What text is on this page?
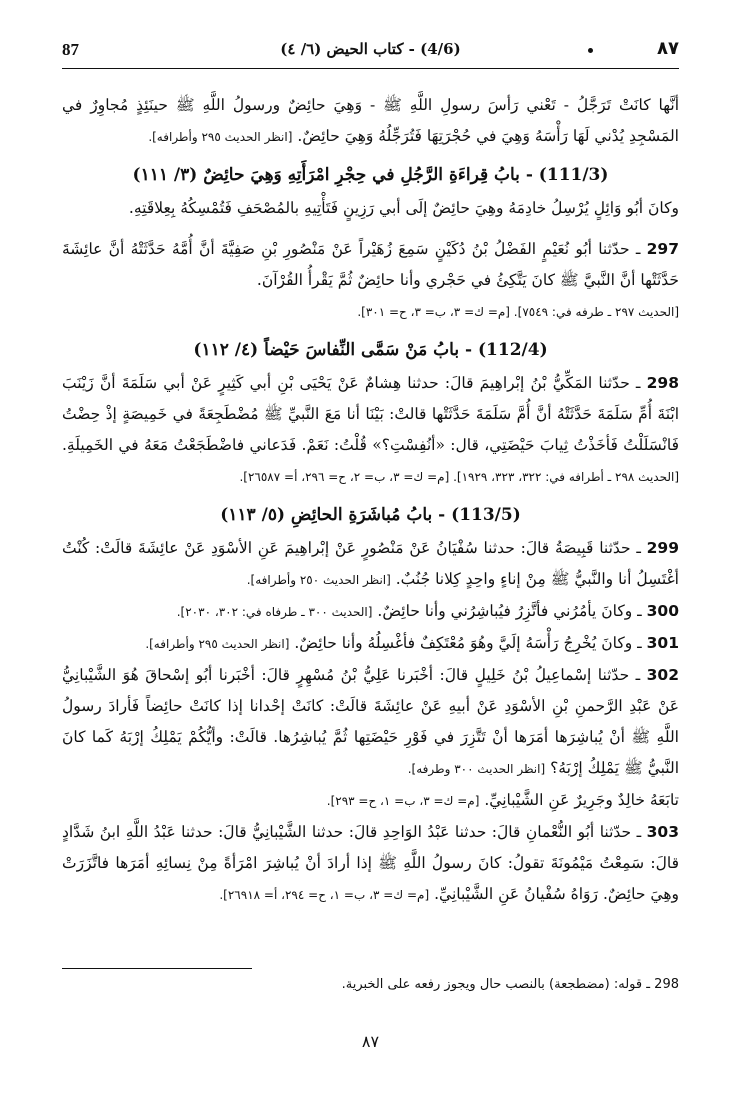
87	(4/6) - كتاب الحيض (٦/ ٤)	٨٧

أنَّها كانَتْ تَرَجَّلُ - تَعْني رَأسَ رسولِ اللَّهِ ﷺ - وَهِيَ حائِضٌ ورسولُ اللَّهِ ﷺ حينَئِذٍ مُجاوِرٌ في المَسْجِدِ يُدْني لَهَا رَأْسَهُ وَهِيَ في حُجْرَتِهَا فَتُرَجِّلُهُ وَهِيَ حائِضٌ. [انظر الحديث ٢٩٥ وأطرافه].

(111/3) - بابُ قِراءَةِ الرَّجُلِ في حِجْرِ امْرَأَتِهِ وَهِيَ حائِضٌ (٣/ ١١١)

وكانَ أبُو وَائِلٍ يُرْسِلُ خادِمَهُ وهِيَ حائِضٌ إلَى أبي رَزِينٍ فَتَأْتِيهِ بالمُصْحَفِ فَتُمْسِكُهُ بِعِلاقَتِهِ.

297 ـ حدّثنا أبُو نُعَيْمٍ الفَضْلُ بْنُ دُكَيْنٍ سَمِعَ زُهَيْراً عَنْ مَنْصُورِ بْنِ صَفِيَّةَ أنَّ أُمَّهُ حَدَّثَتْهُ أنَّ عائِشَةَ حَدَّثَتْها أنَّ النَّبيَّ ﷺ كانَ يَتَّكِئُ في حَجْري وأنا حائِضٌ ثُمَّ يَقْرأُ القُرْآنَ.
[الحديث ٢٩٧ ـ طرفه في: ٧٥٤٩]. [م= ك= ٣، ب= ٣، ح= ٣٠١].

(112/4) - بابُ مَنْ سَمَّى النِّفاسَ حَيْضاً (٤/ ١١٢)

298 ـ حدّثنا المَكِّيُّ بْنُ إبْراهِيمَ قالَ: حدثنا هِشامٌ عَنْ يَحْيَى بْنِ أبي كَثِيرٍ عَنْ أبي سَلَمَةَ أنَّ زَيْنَبَ ابْنَةَ أُمِّ سَلَمَةَ حَدَّثَتْهُ أنَّ أُمَّ سَلَمَةَ حَدَّثَتْها قالتْ: بَيْنَا أنا مَعَ النَّبيِّ ﷺ مُضْطَجِعَةً في خَمِيصَةٍ إذْ حِضْتُ فَانْسَلَلْتُ فَأخَذْتُ ثِيابَ حَيْضَتِي، قال: «أنُفِسْتِ؟» قُلْتُ: نَعَمْ. فَدَعاني فاضْطَجَعْتُ مَعَهُ في الخَمِيلَةِ. [الحديث ٢٩٨ ـ أطرافه في: ٣٢٢، ٣٢٣، ١٩٢٩]. [م= ك= ٣، ب= ٢، ح= ٢٩٦، أ= ٢٦٥٨٧].

(113/5) - بابُ مُباشَرَةِ الحائِضِ (٥/ ١١٣)

299 ـ حدّثنا قَبِيصَةُ قالَ: حدثنا سُفْيَانُ عَنْ مَنْصُورٍ عَنْ إبْراهِيمَ عَنِ الأسْوَدِ عَنْ عائِشَةَ قالَتْ: كُنْتُ أغْتَسِلُ أنا والنَّبيُّ ﷺ مِنْ إناءٍ واحِدٍ كِلانا جُنُبٌ. [انظر الحديث ٢٥٠ وأطرافه].

300 ـ وكانَ يأمُرُني فأتَّزِرُ فيُباشِرُني وأنا حائِضٌ. [الحديث ٣٠٠ ـ طرفاه في: ٣٠٢، ٢٠٣٠].

301 ـ وكانَ يُخْرِجُ رَأْسَهُ إلَيَّ وهُوَ مُعْتَكِفٌ فأغْسِلُهُ وأنا حائِضٌ. [انظر الحديث ٢٩٥ وأطرافه].

302 ـ حدّثنا إسْماعِيلُ بْنُ خَلِيلٍ قالَ: أخْبَرنا عَلِيُّ بْنُ مُسْهِرٍ قالَ: أخْبَرنا أبُو إسْحاقَ هُوَ الشَّيْبانِيُّ عَنْ عَبْدِ الرَّحمنِ بْنِ الأسْوَدِ عَنْ أبيهِ عَنْ عائِشَةَ قالَتْ: كانَتْ إحْدانا إذا كانَتْ حائِضاً فَأرادَ رسولُ اللَّهِ ﷺ أنْ يُباشِرَها أمَرَها أنْ تَتَّزِرَ في فَوْرِ حَيْضَتِها ثُمَّ يُباشِرُها. قالَتْ: وأيُّكُمْ يَمْلِكُ إرْبَهُ كَما كانَ النَّبيُّ ﷺ يَمْلِكُ إرْبَهُ؟ [انظر الحديث ٣٠٠ وطرفه].

تابَعَهُ خالِدٌ وجَرِيرٌ عَنِ الشَّيْبانِيِّ. [م= ك= ٣، ب= ١، ح= ٢٩٣].

303 ـ حدّثنا أبُو النُّعْمانِ قالَ: حدثنا عَبْدُ الوَاحِدِ قالَ: حدثنا الشَّيْبانِيُّ قالَ: حدثنا عَبْدُ اللَّهِ ابنُ شَدَّادٍ قالَ: سَمِعْتُ مَيْمُونَةَ تقولُ: كانَ رسولُ اللَّهِ ﷺ إذا أرادَ أنْ يُباشِرَ امْرَأةً مِنْ نِسائِهِ أمَرَها فاتَّزَرَتْ وهِيَ حائِضٌ. رَوَاهُ سُفْيانُ عَنِ الشَّيْبانِيِّ. [م= ك= ٣، ب= ١، ح= ٢٩٤، أ= ٢٦٩١٨].

298 ـ قوله: (مضطجعة) بالنصب حال ويجوز رفعه على الخبرية.
٨٧
